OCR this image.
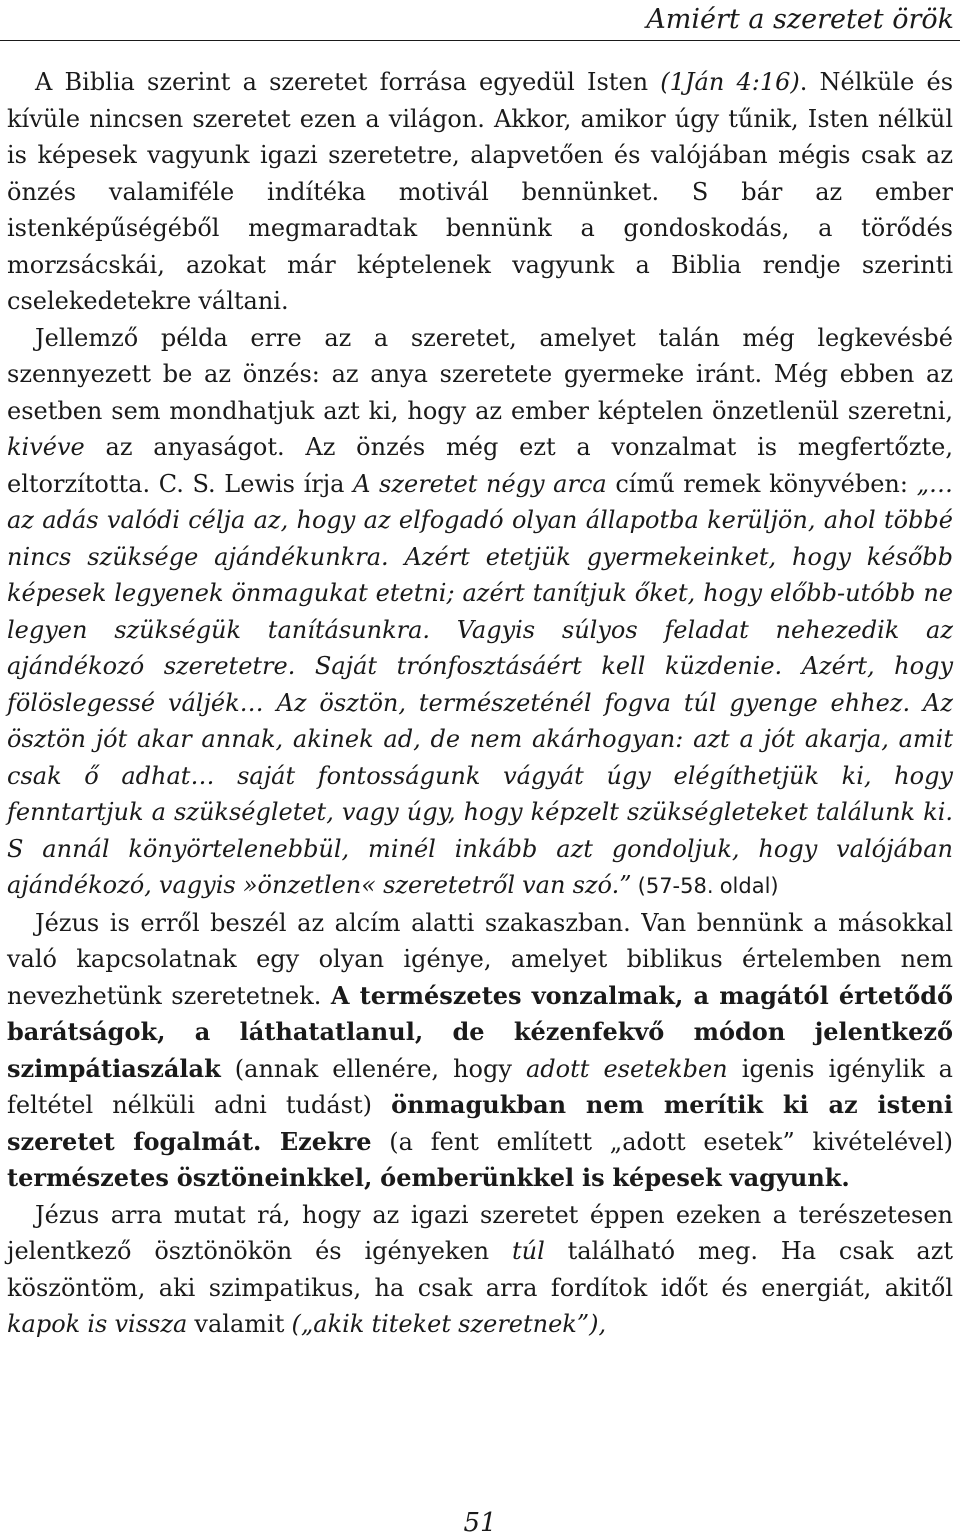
Amiért a szeretet örök

A Biblia szerint a szeretet forrása egyedül Isten (1Ján 4:16). Nélküle és kívüle nincsen szeretet ezen a világon. Akkor, amikor úgy tűnik, Isten nélkül is képesek vagyunk igazi szeretetre, alapvetően és valójában mégis csak az önzés valamiféle indítéka motivál bennünket. S bár az ember istenképűségéből megmaradtak bennünk a gondoskodás, a törődés morzsácskái, azokat már képtelenek vagyunk a Biblia rendje szerinti cselekedetekre váltani.

Jellemző példa erre az a szeretet, amelyet talán még legkevésbé szennyezett be az önzés: az anya szeretete gyermeke iránt. Még ebben az esetben sem mondhatjuk azt ki, hogy az ember képtelen önzetlenül szeretni, kivéve az anyaságot. Az önzés még ezt a vonzalmat is megfertőzte, eltorzította. C. S. Lewis írja A szeretet négy arca című remek könyvében: „…az adás valódi célja az, hogy az elfogadó olyan állapotba kerüljön, ahol többé nincs szüksége ajándékunkra. Azért etetjük gyermekeinket, hogy később képesek legyenek önmagukat etetni; azért tanítjuk őket, hogy előbb-utóbb ne legyen szükségük tanításunkra. Vagyis súlyos feladat nehezedik az ajándékozó szeretetre. Saját trónfosztásáért kell küzdenie. Azért, hogy fölöslegessé váljék… Az ösztön, természeténél fogva túl gyenge ehhez. Az ösztön jót akar annak, akinek ad, de nem akárhogyan: azt a jót akarja, amit csak ő adhat… saját fontosságunk vágyát úgy elégíthetjük ki, hogy fenntartjuk a szükségletet, vagy úgy, hogy képzelt szükségleteket találunk ki. S annál könyörtelenebbül, minél inkább azt gondoljuk, hogy valójában ajándékozó, vagyis »önzetlen« szeretetről van szó.” (57-58. oldal)

Jézus is erről beszél az alcím alatti szakaszban. Van bennünk a másokkal való kapcsolatnak egy olyan igénye, amelyet biblikus értelemben nem nevezhetünk szeretetnek. A természetes vonzalmak, a magától értetődő barátságok, a láthatatlanul, de kézenfekvő módon jelentkező szimpátiaszálak (annak ellenére, hogy adott esetekben igenis igénylik a feltétel nélküli adni tudást) önmagukban nem merítik ki az isteni szeretet fogalmát. Ezekre (a fent említett „adott esetek” kivételével) természetes ösztöneinkkel, óemberünkkel is képesek vagyunk.

Jézus arra mutat rá, hogy az igazi szeretet éppen ezeken a terészetesen jelentkező ösztönökön és igényeken túl található meg. Ha csak azt köszöntöm, aki szimpatikus, ha csak arra fordítok időt és energiát, akitől kapok is vissza valamit („akik titeket szeretnek”),

51
